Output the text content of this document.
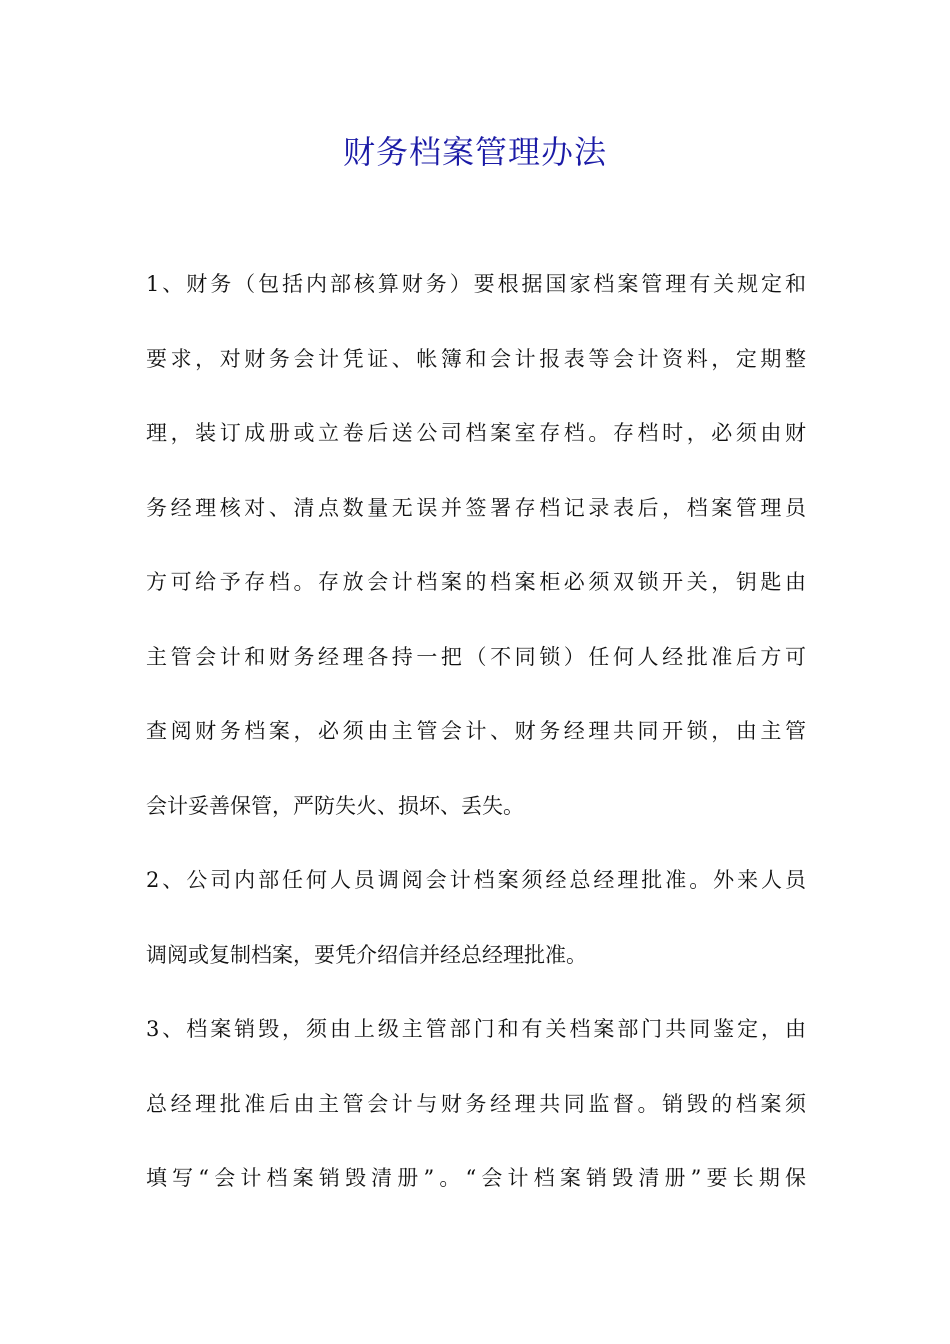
财务档案管理办法
1、财务（包括内部核算财务）要根据国家档案管理有关规定和
要求，对财务会计凭证、帐簿和会计报表等会计资料，定期整
理，装订成册或立卷后送公司档案室存档。存档时，必须由财
务经理核对、清点数量无误并签署存档记录表后，档案管理员
方可给予存档。存放会计档案的档案柜必须双锁开关，钥匙由
主管会计和财务经理各持一把（不同锁）任何人经批准后方可
查阅财务档案，必须由主管会计、财务经理共同开锁，由主管
会计妥善保管，严防失火、损坏、丢失。
2、公司内部任何人员调阅会计档案须经总经理批准。外来人员
调阅或复制档案，要凭介绍信并经总经理批准。
3、档案销毁，须由上级主管部门和有关档案部门共同鉴定，由
总经理批准后由主管会计与财务经理共同监督。销毁的档案须
填写“会计档案销毁清册”。“会计档案销毁清册”要长期保
